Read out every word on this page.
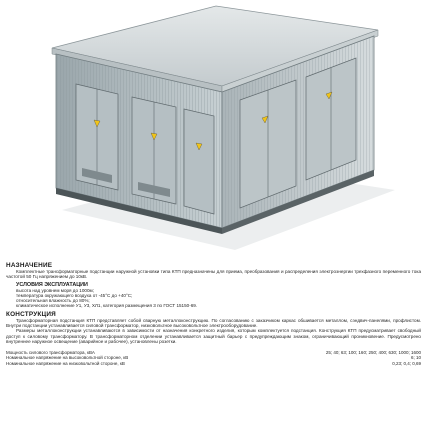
НАЗНАЧЕНИЕ

Комплектные трансформаторные подстанции наружной установки типа КТП предназначены для приема, преобразования и распределения электроэнергии трехфазного переменного тока частотой 50 Гц напряжением до 10кВ.

УСЛОВИЯ ЭКСПЛУАТАЦИИ

высота над уровнем моря до 1000м;

температура окружающего воздуха от -45°С до +40°С;

относительная влажность до 80%;

климатическое исполнение У1, У3, ХЛ1, категория размещения 3 по ГОСТ 15150-69.

КОНСТРУКЦИЯ

Трансформаторная подстанция КТП представляет собой сварную металлоконструкцию. По согласованию с заказчиком каркас обшивается металлом, сэндвич-панелями, профлистом. Внутри подстанции устанавливается силовой трансформатор, низковольтное высоковольтное электрооборудование.

Размеры металлоконструкции устанавливаются в зависимости от назначения конкретного изделия, которым комплектуется подстанция. Конструкция КТП предусматривает свободный доступ к силовому трансформатору. В трансформаторном отделении устанавливается защитный барьер с предупреждающим знаком, ограничивающий проникновение. Предусмотрено внутреннее наружное освещение (аварийное и рабочее), установлены розетки.

Мощность силового трансформатора, кВА	25; 40; 63; 100; 160; 250; 400; 630; 1000; 1600
Номинальное напряжение на высоковольтной стороне, кВ	6; 10
Номинальное напряжение на низковольтной стороне, кВ	0,23; 0,4; 0,69
